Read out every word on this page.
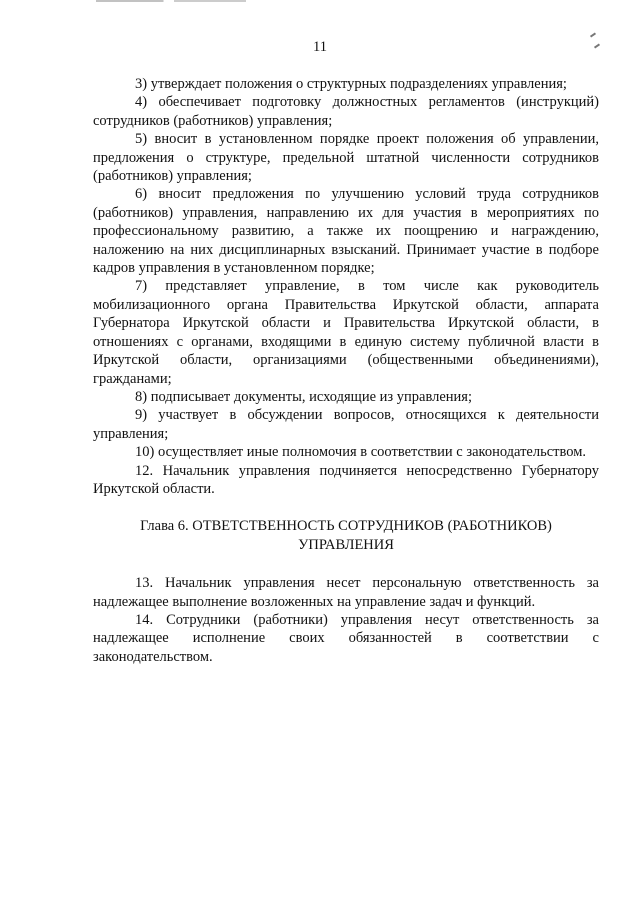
11

3) утверждает положения о структурных подразделениях управления;

4) обеспечивает подготовку должностных регламентов (инструкций) сотрудников (работников) управления;

5) вносит в установленном порядке проект положения об управлении, предложения о структуре, предельной штатной численности сотрудников (работников) управления;

6) вносит предложения по улучшению условий труда сотрудников (работников) управления, направлению их для участия в мероприятиях по профессиональному развитию, а также их поощрению и награждению, наложению на них дисциплинарных взысканий. Принимает участие в подборе кадров управления в установленном порядке;

7) представляет управление, в том числе как руководитель мобилизационного органа Правительства Иркутской области, аппарата Губернатора Иркутской области и Правительства Иркутской области, в отношениях с органами, входящими в единую систему публичной власти в Иркутской области, организациями (общественными объединениями), гражданами;

8) подписывает документы, исходящие из управления;

9) участвует в обсуждении вопросов, относящихся к деятельности управления;

10) осуществляет иные полномочия в соответствии с законодательством.

12. Начальник управления подчиняется непосредственно Губернатору Иркутской области.

Глава 6. ОТВЕТСТВЕННОСТЬ СОТРУДНИКОВ (РАБОТНИКОВ)
УПРАВЛЕНИЯ

13. Начальник управления несет персональную ответственность за надлежащее выполнение возложенных на управление задач и функций.

14. Сотрудники (работники) управления несут ответственность за надлежащее исполнение своих обязанностей в соответствии с законодательством.
